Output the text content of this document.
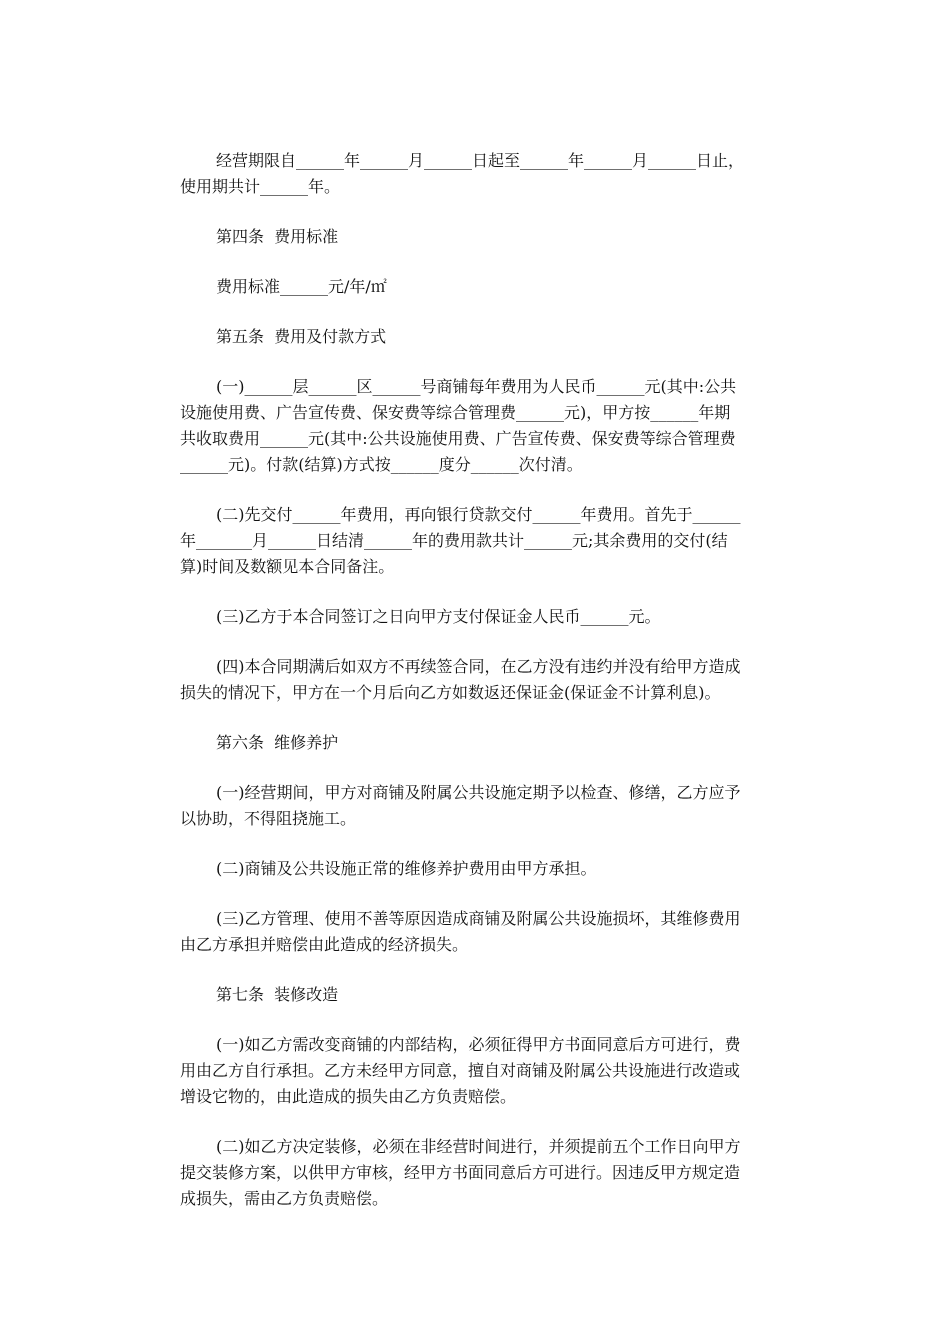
经营期限自______年______月______日起至______年______月______日止，
使用期共计______年。

第四条  费用标准

费用标准______元/年/㎡

第五条  费用及付款方式

(一)______层______区______号商铺每年费用为人民币______元(其中:公共
设施使用费、广告宣传费、保安费等综合管理费______元)，甲方按______年期
共收取费用______元(其中:公共设施使用费、广告宣传费、保安费等综合管理费
______元)。付款(结算)方式按______度分______次付清。

(二)先交付______年费用，再向银行贷款交付______年费用。首先于______
年_______月______日结清______年的费用款共计______元;其余费用的交付(结
算)时间及数额见本合同备注。

(三)乙方于本合同签订之日向甲方支付保证金人民币______元。

(四)本合同期满后如双方不再续签合同，在乙方没有违约并没有给甲方造成
损失的情况下，甲方在一个月后向乙方如数返还保证金(保证金不计算利息)。

第六条  维修养护

(一)经营期间，甲方对商铺及附属公共设施定期予以检查、修缮，乙方应予
以协助，不得阻挠施工。

(二)商铺及公共设施正常的维修养护费用由甲方承担。

(三)乙方管理、使用不善等原因造成商铺及附属公共设施损坏，其维修费用
由乙方承担并赔偿由此造成的经济损失。

第七条  装修改造

(一)如乙方需改变商铺的内部结构，必须征得甲方书面同意后方可进行，费
用由乙方自行承担。乙方未经甲方同意，擅自对商铺及附属公共设施进行改造或
增设它物的，由此造成的损失由乙方负责赔偿。

(二)如乙方决定装修，必须在非经营时间进行，并须提前五个工作日向甲方
提交装修方案，以供甲方审核，经甲方书面同意后方可进行。因违反甲方规定造
成损失，需由乙方负责赔偿。
